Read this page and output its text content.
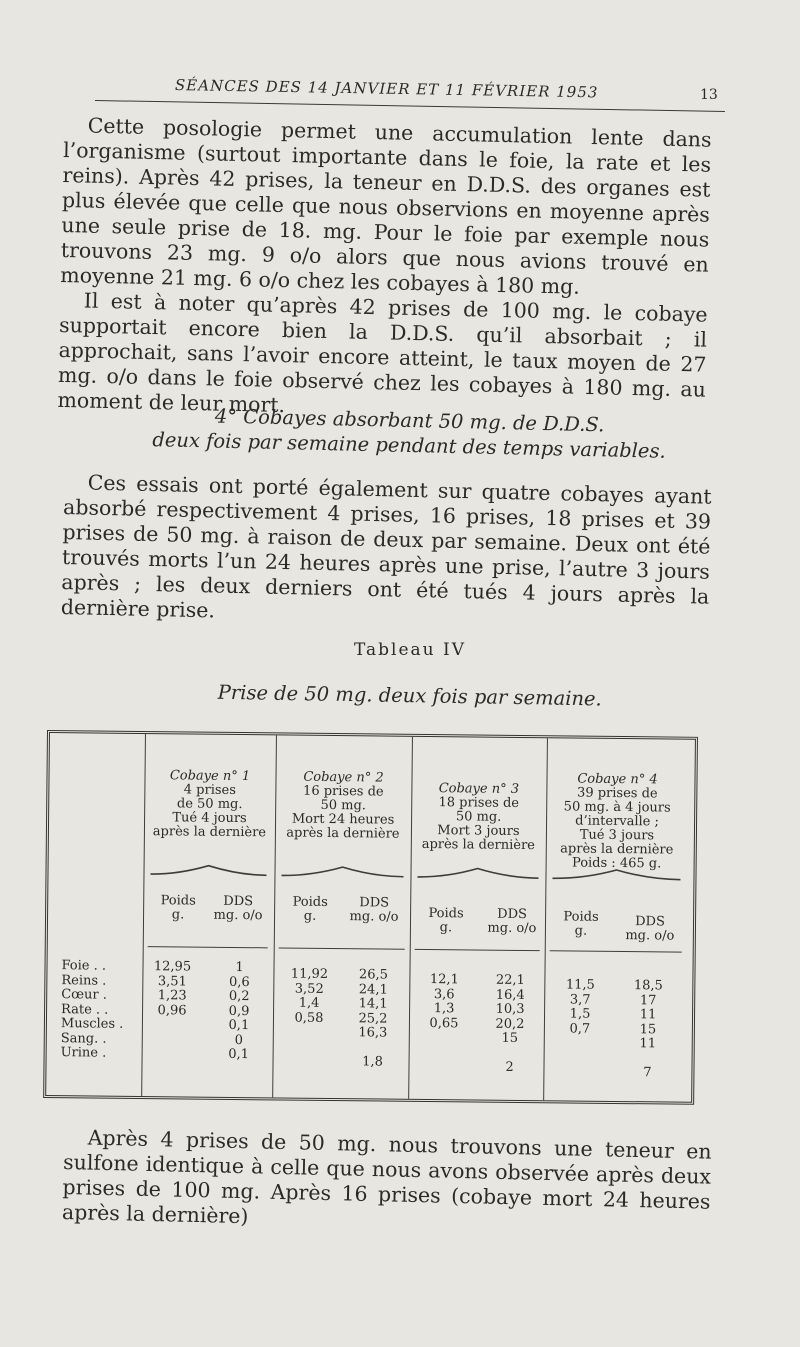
SÉANCES DES 14 JANVIER ET 11 FÉVRIER 1953	13

Cette posologie permet une accumulation lente dans l’organisme (surtout importante dans le foie, la rate et les reins). Après 42 prises, la teneur en D.D.S. des organes est plus élevée que celle que nous observions en moyenne après une seule prise de 18. mg. Pour le foie par exemple nous trouvons 23 mg. 9 o/o alors que nous avions trouvé en moyenne 21 mg. 6 o/o chez les cobayes à 180 mg.

Il est à noter qu’après 42 prises de 100 mg. le cobaye supportait encore bien la D.D.S. qu’il absorbait ; il approchait, sans l’avoir encore atteint, le taux moyen de 27 mg. o/o dans le foie observé chez les cobayes à 180 mg. au moment de leur mort.

4° Cobayes absorbant 50 mg. de D.D.S.
deux fois par semaine pendant des temps variables.

Ces essais ont porté également sur quatre cobayes ayant absorbé respectivement 4 prises, 16 prises, 18 prises et 39 prises de 50 mg. à raison de deux par semaine. Deux ont été trouvés morts l’un 24 heures après une prise, l’autre 3 jours après ; les deux derniers ont été tués 4 jours après la dernière prise.

Tableau IV
Prise de 50 mg. deux fois par semaine.
Cobaye n° 1
4 prises
de 50 mg.
Tué 4 jours
après la dernière
Cobaye n° 2
16 prises de
50 mg.
Mort 24 heures
après la dernière
Cobaye n° 3
18 prises de
50 mg.
Mort 3 jours
après la dernière
Cobaye n° 4
39 prises de
50 mg. à 4 jours
d’intervalle ;
Tué 3 jours
après la dernière
Poids : 465 g.
Poids
g.
DDS
mg. o/o
Poids
g.
DDS
mg. o/o	Poids
g.
DDS
mg. o/o
Poids
g.
DDS
mg. o/o
Foie . .
Reins .
Cœur .
Rate . .
Muscles .
Sang. .
Urine .
12,95
3,51
1,23
0,96
1
0,6
0,2
0,9
0,1
0
0,1
11,92
3,52
1,4
0,58
26,5
24,1
14,1
25,2
16,3
1,8
12,1
3,6
1,3
0,65
22,1
16,4
10,3
20,2
15
2
11,5
3,7
1,5
0,7
18,5
17
11
15
11
7

Après 4 prises de 50 mg. nous trouvons une teneur en sulfone identique à celle que nous avons observée après deux prises de 100 mg. Après 16 prises (cobaye mort 24 heures après la dernière)
